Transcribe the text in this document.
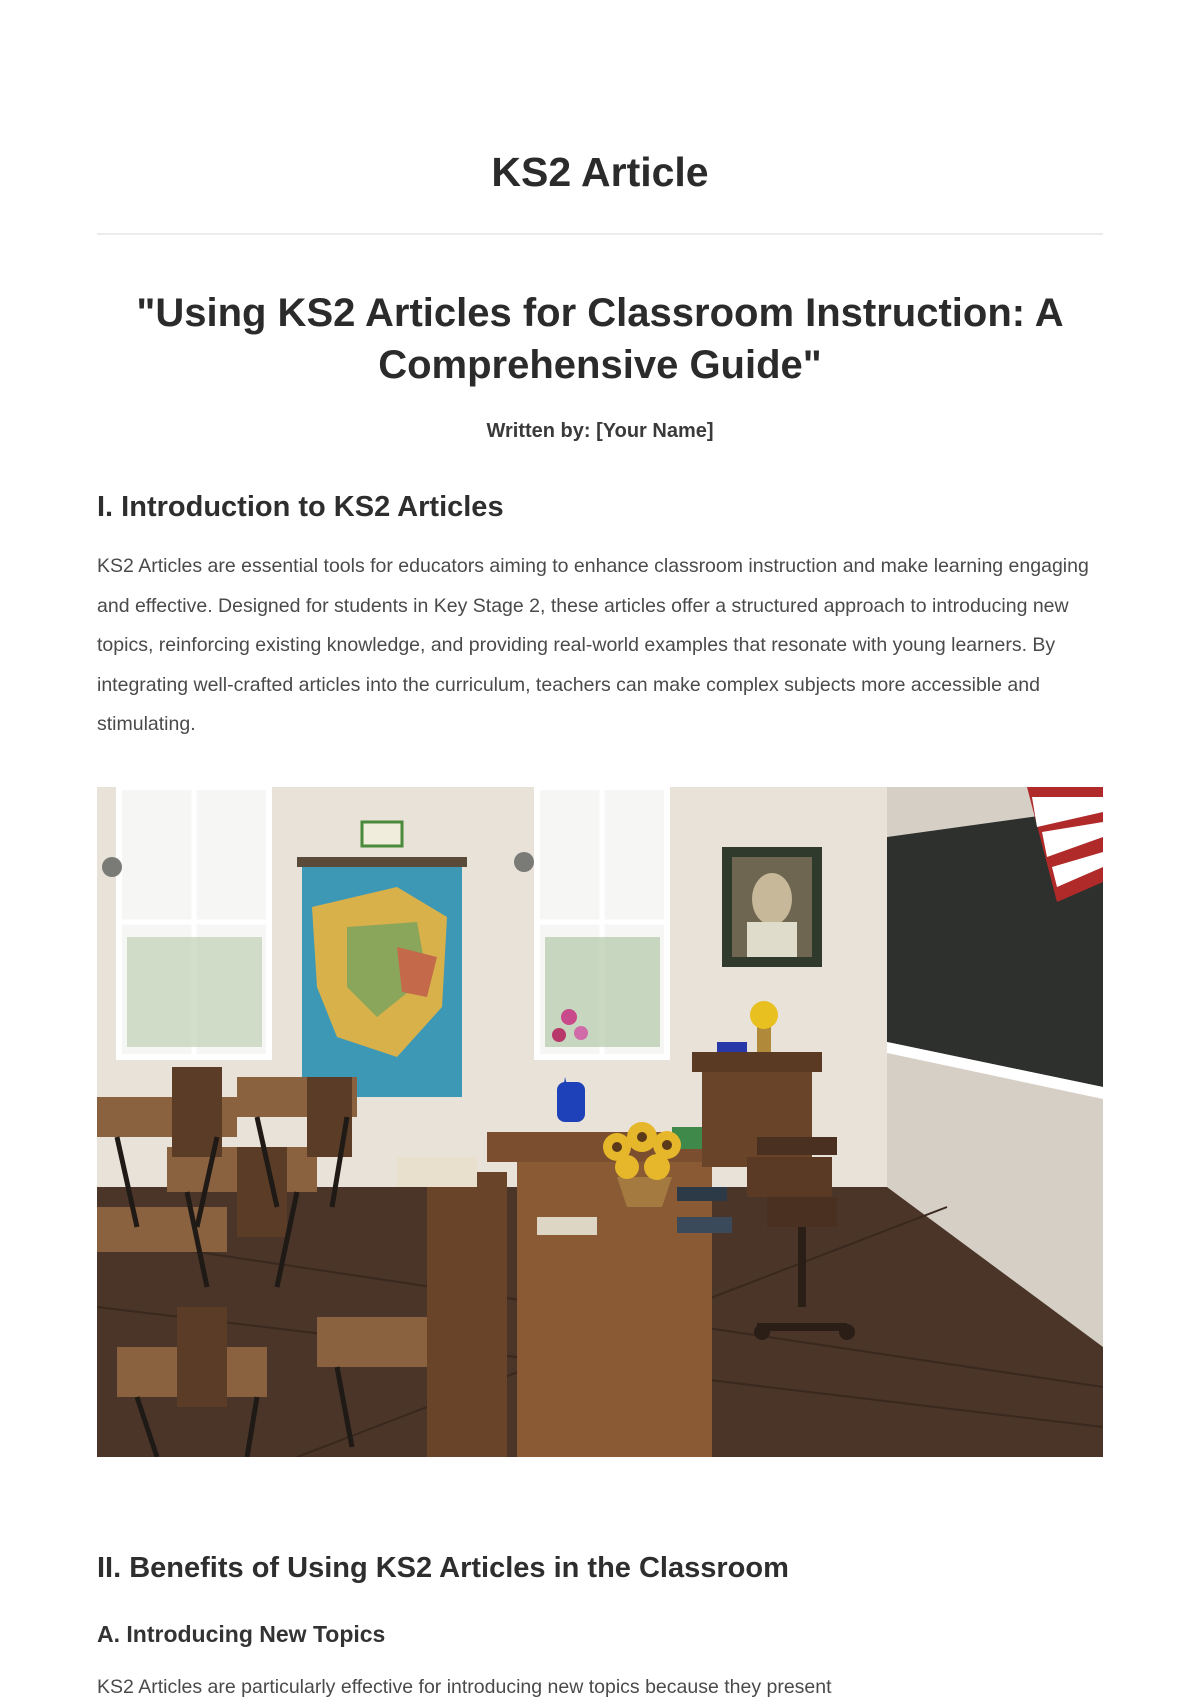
KS2 Article
"Using KS2 Articles for Classroom Instruction: A
Comprehensive Guide"
Written by: [Your Name]
I. Introduction to KS2 Articles

KS2 Articles are essential tools for educators aiming to enhance classroom instruction and make learning engaging and effective. Designed for students in Key Stage 2, these articles offer a structured approach to introducing new topics, reinforcing existing knowledge, and providing real-world examples that resonate with young learners. By integrating well-crafted articles into the curriculum, teachers can make complex subjects more accessible and stimulating.

II. Benefits of Using KS2 Articles in the Classroom
A. Introducing New Topics

KS2 Articles are particularly effective for introducing new topics because they present
